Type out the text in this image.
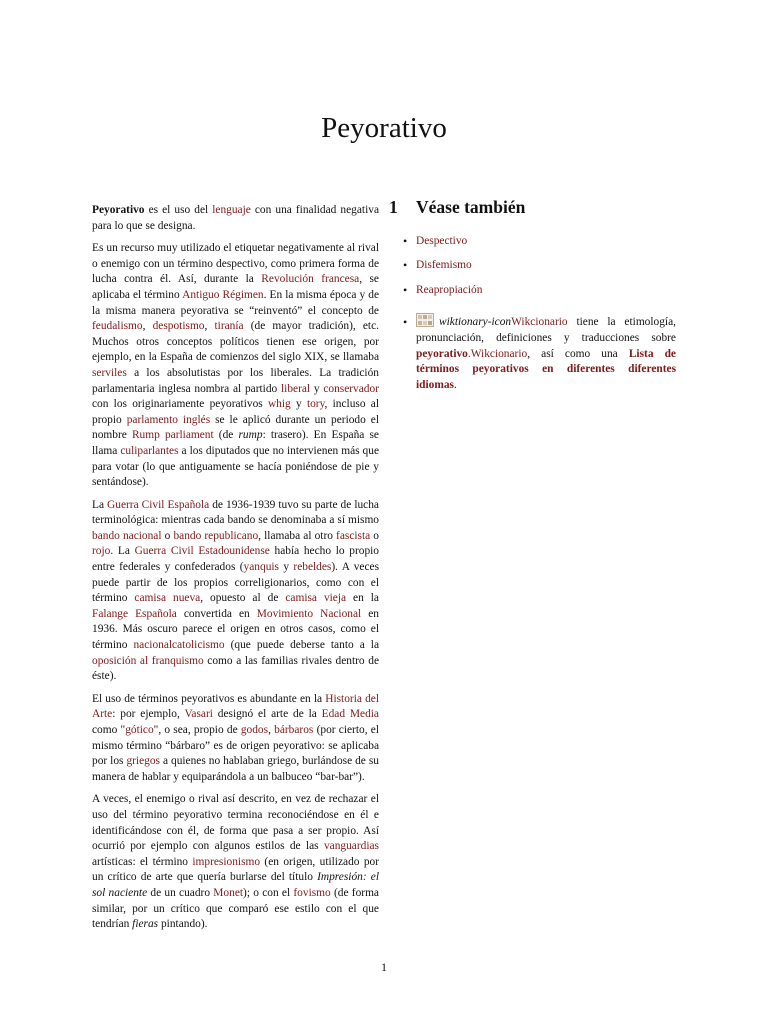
Peyorativo

Peyorativo es el uso del lenguaje con una finalidad negativa para lo que se designa.

Es un recurso muy utilizado el etiquetar negativamente al rival o enemigo con un término despectivo, como primera forma de lucha contra él. Así, durante la Revolución francesa, se aplicaba el término Antiguo Régimen. En la misma época y de la misma manera peyorativa se “reinventó” el concepto de feudalismo, despotismo, tiranía (de mayor tradición), etc. Muchos otros conceptos políticos tienen ese origen, por ejemplo, en la España de comienzos del siglo XIX, se llamaba serviles a los absolutistas por los liberales. La tradición parlamentaria inglesa nombra al partido liberal y conservador con los originariamente peyorativos whig y tory, incluso al propio parlamento inglés se le aplicó durante un periodo el nombre Rump parliament (de rump: trasero). En España se llama culiparlantes a los diputados que no intervienen más que para votar (lo que antiguamente se hacía poniéndose de pie y sentándose).

La Guerra Civil Española de 1936-1939 tuvo su parte de lucha terminológica: mientras cada bando se denominaba a sí mismo bando nacional o bando republicano, llamaba al otro fascista o rojo. La Guerra Civil Estadounidense había hecho lo propio entre federales y confederados (yanquis y rebeldes). A veces puede partir de los propios correligionarios, como con el término camisa nueva, opuesto al de camisa vieja en la Falange Española convertida en Movimiento Nacional en 1936. Más oscuro parece el origen en otros casos, como el término nacionalcatolicismo (que puede deberse tanto a la oposición al franquismo como a las familias rivales dentro de éste).

El uso de términos peyorativos es abundante en la Historia del Arte: por ejemplo, Vasari designó el arte de la Edad Media como "gótico", o sea, propio de godos, bárbaros (por cierto, el mismo término “bárbaro” es de origen peyorativo: se aplicaba por los griegos a quienes no hablaban griego, burlándose de su manera de hablar y equiparándola a un balbuceo “bar-bar”).

A veces, el enemigo o rival así descrito, en vez de rechazar el uso del término peyorativo termina reconociéndose en él e identificándose con él, de forma que pasa a ser propio. Así ocurrió por ejemplo con algunos estilos de las vanguardias artísticas: el término impresionismo (en origen, utilizado por un crítico de arte que quería burlarse del título Impresión: el sol naciente de un cuadro Monet); o con el fovismo (de forma similar, por un crítico que comparó ese estilo con el que tendrían fieras pintando).

1	Véase también
• Despectivo
• Disfemismo
• Reapropiación
• wiktionary-iconWikcionario tiene la etimología, pronunciación, definiciones y traducciones sobre peyorativo.Wikcionario, así como una Lista de términos peyorativos en diferentes diferentes idiomas.
1
